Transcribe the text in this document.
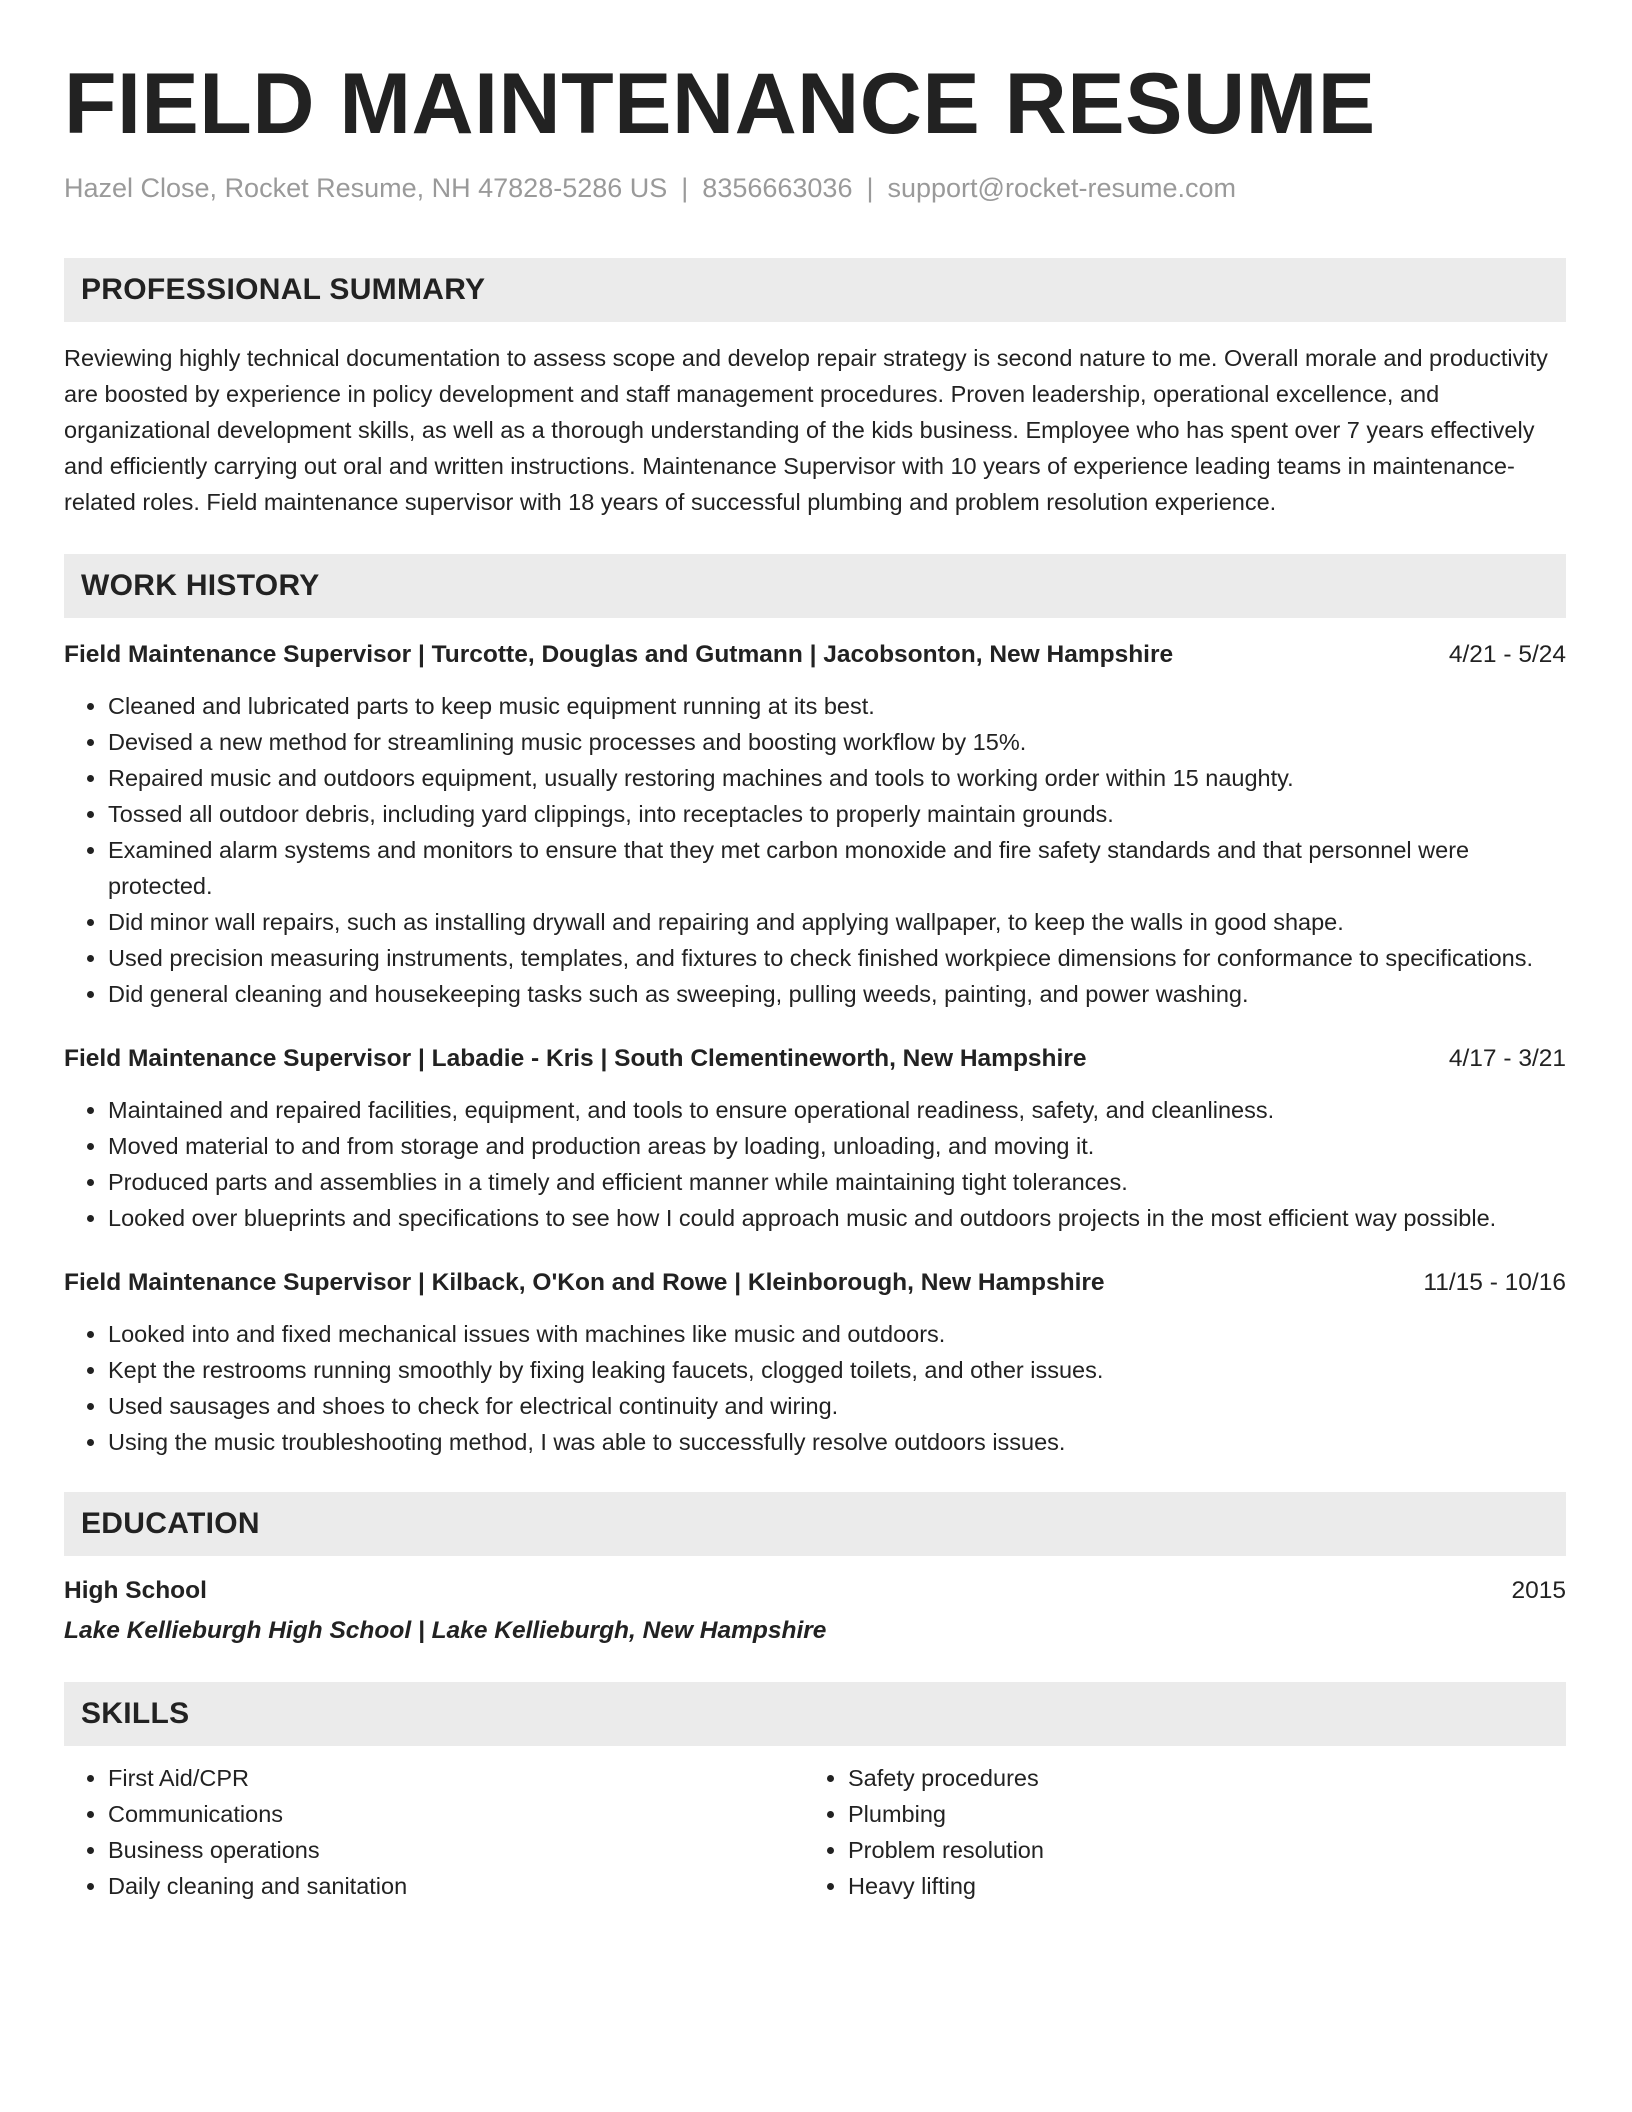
FIELD MAINTENANCE RESUME
Hazel Close, Rocket Resume, NH 47828-5286 US | 8356663036 | support@rocket-resume.com
PROFESSIONAL SUMMARY
Reviewing highly technical documentation to assess scope and develop repair strategy is second nature to me. Overall morale and productivity are boosted by experience in policy development and staff management procedures. Proven leadership, operational excellence, and organizational development skills, as well as a thorough understanding of the kids business. Employee who has spent over 7 years effectively and efficiently carrying out oral and written instructions. Maintenance Supervisor with 10 years of experience leading teams in maintenance-related roles. Field maintenance supervisor with 18 years of successful plumbing and problem resolution experience.
WORK HISTORY
Field Maintenance Supervisor | Turcotte, Douglas and Gutmann | Jacobsonton, New Hampshire	4/21 - 5/24
• Cleaned and lubricated parts to keep music equipment running at its best.
• Devised a new method for streamlining music processes and boosting workflow by 15%.
• Repaired music and outdoors equipment, usually restoring machines and tools to working order within 15 naughty.
• Tossed all outdoor debris, including yard clippings, into receptacles to properly maintain grounds.
• Examined alarm systems and monitors to ensure that they met carbon monoxide and fire safety standards and that personnel were protected.
• Did minor wall repairs, such as installing drywall and repairing and applying wallpaper, to keep the walls in good shape.
• Used precision measuring instruments, templates, and fixtures to check finished workpiece dimensions for conformance to specifications.
• Did general cleaning and housekeeping tasks such as sweeping, pulling weeds, painting, and power washing.
Field Maintenance Supervisor | Labadie - Kris | South Clementineworth, New Hampshire	4/17 - 3/21
• Maintained and repaired facilities, equipment, and tools to ensure operational readiness, safety, and cleanliness.
• Moved material to and from storage and production areas by loading, unloading, and moving it.
• Produced parts and assemblies in a timely and efficient manner while maintaining tight tolerances.
• Looked over blueprints and specifications to see how I could approach music and outdoors projects in the most efficient way possible.
Field Maintenance Supervisor | Kilback, O'Kon and Rowe | Kleinborough, New Hampshire	11/15 - 10/16
• Looked into and fixed mechanical issues with machines like music and outdoors.
• Kept the restrooms running smoothly by fixing leaking faucets, clogged toilets, and other issues.
• Used sausages and shoes to check for electrical continuity and wiring.
• Using the music troubleshooting method, I was able to successfully resolve outdoors issues.
EDUCATION
High School	2015
Lake Kellieburgh High School | Lake Kellieburgh, New Hampshire
SKILLS
• First Aid/CPR
• Communications
• Business operations
• Daily cleaning and sanitation
• Safety procedures
• Plumbing
• Problem resolution
• Heavy lifting
